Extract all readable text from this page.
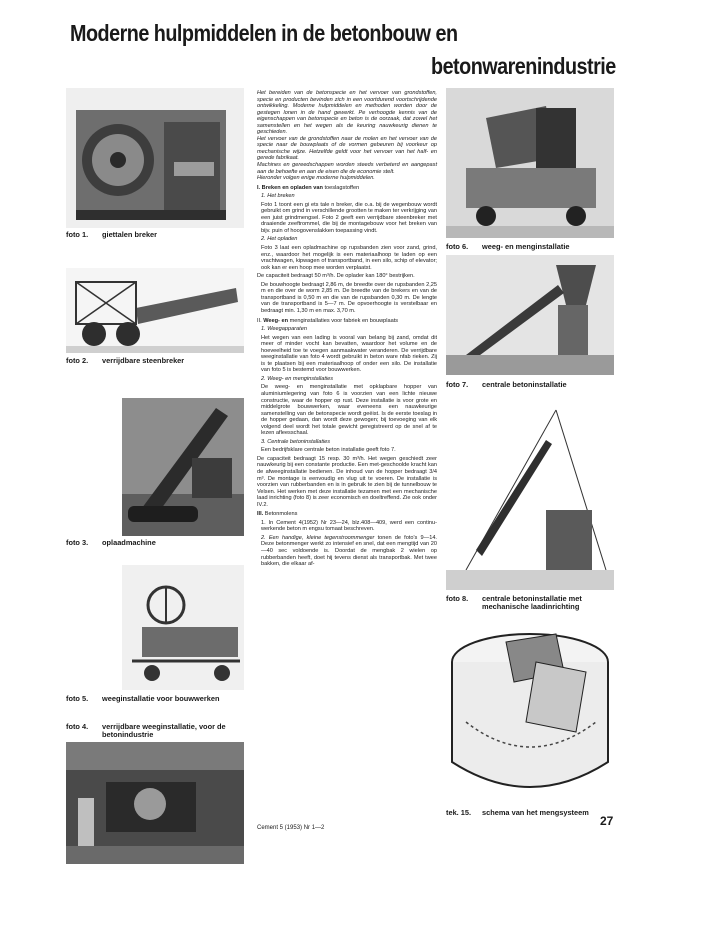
Moderne hulpmiddelen in de betonbouw en
betonwarenindustrie
foto 1. giettalen breker
foto 2. verrijdbare steenbreker
foto 3. oplaadmachine
foto 5. weeginstallatie voor bouwwerken
foto 4. verrijdbare weeginstallatie, voor de
betonindustrie

Het bereiden van de betonspecie en het vervoer van grondstoffen, specie en producten bevinden zich in een voortdurend voortschrijdende ontwikkeling. Moderne hulpmiddelen en methoden worden door de gestegen lonen in de hand gewerkt. Pe verhoogde kennis van de eigenschappen van betonspecie en beton is de oorzaak, dat zowel het samenstellen en het wegen als de keuring nauwkeurig dienen te geschieden.

Het vervoer van de grondstoffen naar de molen en het vervoer van de specie naar de bouwplaats of de vormen gebeuren bij voorkeur op mechanische wijze. Hetzelfde geldt voor het vervoer van het half- en gerede fabrikaat.

Machines en gereedschappen worden steeds verbeterd en aangepast aan de behoefte en aan de eisen die de economie stelt.

Hieronder volgen enige moderne hulpmiddelen.

I. Breken en opladen van toeslagstoffen

1. Het breken

Foto 1 toont een gi ets tale n breker, die o.a. bij de wegenbouw wordt gebruikt om grind in verschillende grootten te maken ter verkrijging van een juist grindmengsel. Foto 2 geeft een verrijdbare steenbreker met draaiende zeeftrommel, die bij de montagebouw voor het breken van bijv. puin of hoogovenslakken toepassing vindt.

2. Het opladen

Foto 3 laat een opladmachine op rupsbanden zien voor zand, grind, enz., waardoor het mogelijk is een materiaalhoop te laden op een vrachtwagen, kipwagen of transportband, in een silo, schip of elevator; ook kan er een hoop mee worden verplaatst.

De capaciteit bedraagt 50 m³/h. De oplader kan 180° bestrijken.

De bouwhoogte bedraagt 2,86 m, de breedte over de rupsbanden 2,25 m en die over de worm 2,85 m. De breedte van de brekers en van de transportband is 0,50 m en die van de rupsbanden 0,30 m. De lengte van de transportband is 5—7 m. De opvoerhoogte is verstelbaar en bedraagt min. 1,30 m en max. 3,70 m.

II. Weeg- en menginstallaties voor fabriek en bouwplaats

1. Weegapparaten

Het wegen van een lading is vooral van belang bij zand, omdat dit meer of minder vocht kan bevatten, waardoor het volume en de hoeveelheid toe te voegen aanmaakwater veranderen. De verrijdbare weeginstallatie van foto 4 wordt gebruikt in beton ware nfab rieken. Zij is te plaatsen bij een materiaalhoop of onder een silo. De installatie van foto 5 is bestemd voor bouwwerken.

2. Weeg- en menginstallaties

De weeg- en menginstallatie met opklapbare hopper van aluminiumlegering van foto 6 is voorzien van een lichte nieuwe constructie, waar de hopper op rust. Deze installatie is voor grote en middelgrote bouwwerken, waar eveneens een nauwkeurige samenstelling van de betonspecie wordt geëist. Is de eerste toeslag in de hopper gedaan, dan wordt deze gewogen; bij toevoeging van elk volgend deel wordt het totale gewicht geregistreerd op de snel af te lezen afleesschaal.

3. Centrale betoninstallaties

Een bedrijfsklare centrale beton installatie geeft foto 7.

De capaciteit bedraagt 15 resp. 30 m³/h. Het wegen geschiedt zeer nauwkeurig bij een constante productie. Een met-geschoolde kracht kan de afweeginstallatie bedienen. De inhoud van de hopper bedraagt 3/4 m³. De montage is eenvoudig en vlug uit te voeren. De installatie is voorzien van rubberbanden en is in gebruik te zien bij de tunnelbouw te Velsen. Het werken met deze installatie tezamen met een mechanische laad inrichting (foto 8) is zeer economisch en doeltreffend. Zie ook onder IV.2.

III. Betonmolens

1. In Cement 4(1952) Nr 23—24, blz.408—409, werd een continu-werkende beton m engsu tomaat beschreven.

2. Een handige, kleine tegenstroommenger tonen de foto's 9—14. Deze betonmenger werkt zo intensief en snel, dat een mengtijd van 20—40 sec voldoende is. Doordat de mengbak 2 wielen op rubberbanden heeft, doet hij tevens dienst als transportbak. Met twee bakken, die elkaar af-

foto 6. weeg- en menginstallatie
foto 7. centrale betoninstallatie
foto 8. centrale betoninstallatie met
mechanische laadinrichting
tek. 15. schema van het mengsysteem
Cement 5 (1953) Nr 1—2	27
